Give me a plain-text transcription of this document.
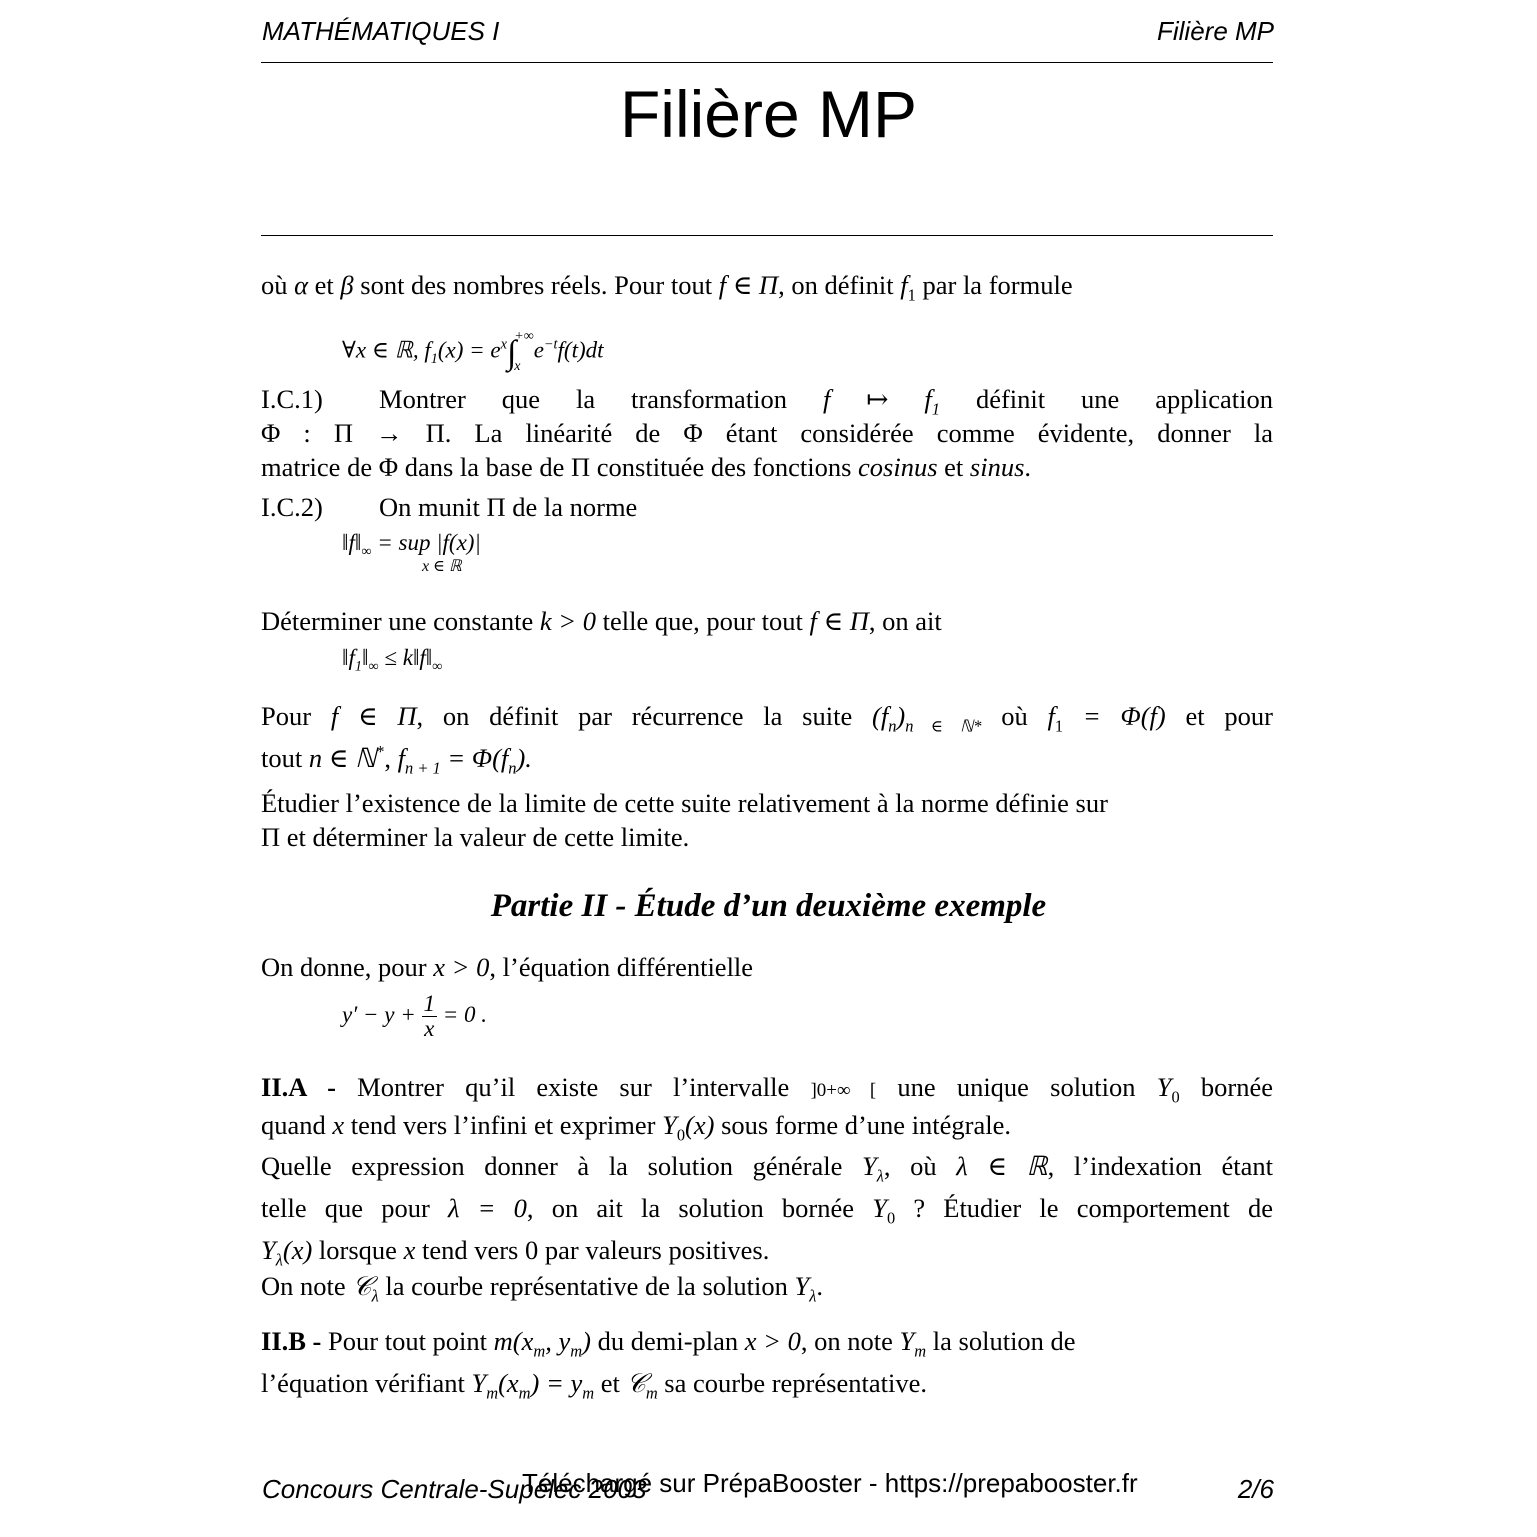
MATHÉMATIQUES I	Filière MP
Filière MP
où α et β sont des nombres réels. Pour tout f ∈ Π, on définit $f_1$ par la formule
∀x ∈ ℝ, $f_1(x) = e^x\int$
+∞
x
$e^{-t}f(t)dt$
I.C.1) Montrer que la transformation f ↦ $f_1$ définit une application
Φ : Π → Π. La linéarité de Φ étant considérée comme évidente, donner la
matrice de Φ dans la base de Π constituée des fonctions cosinus et sinus.
I.C.2) On munit Π de la norme
$‖f‖_\infty$ = sup |f(x)|
x ∈ ℝ
Déterminer une constante k > 0 telle que, pour tout f ∈ Π, on ait
$‖f_1‖_\infty$ ≤ $k‖f‖_\infty$
Pour f ∈ Π, on définit par récurrence la suite $(f_n)_{n \in ℕ*}$ où $f_1 = \Phi(f)$ et pour
tout n ∈ ℕ*, $f_{n + 1} = \Phi(f_n)$.
Étudier l’existence de la limite de cette suite relativement à la norme définie sur
Π et déterminer la valeur de cette limite.
Partie II - Étude d’un deuxième exemple
On donne, pour x > 0, l’équation différentielle
$y' - y + \frac{1}{x} = 0$ .
II.A - Montrer qu’il existe sur l’intervalle ]0+∞ [ une unique solution $Y_0$ bornée
quand x tend vers l’infini et exprimer $Y_0(x)$ sous forme d’une intégrale.
Quelle expression donner à la solution générale $Y_\lambda$, où λ ∈ ℝ, l’indexation étant
telle que pour λ = 0, on ait la solution bornée $Y_0$ ? Étudier le comportement de
$Y_\lambda(x)$ lorsque x tend vers 0 par valeurs positives.
On note 𝒞$_\lambda$ la courbe représentative de la solution $Y_\lambda$.
II.B - Pour tout point $m(x_m$, $y_m$) du demi-plan x > 0, on note $Y_m$ la solution de
l’équation vérifiant $Y_m(x_m) = y_m$ et 𝒞$_m$ sa courbe représentative.
Concours Centrale-Supélec 2003
Téléchargé sur PrépaBooster - https://prepabooster.fr	2/6
